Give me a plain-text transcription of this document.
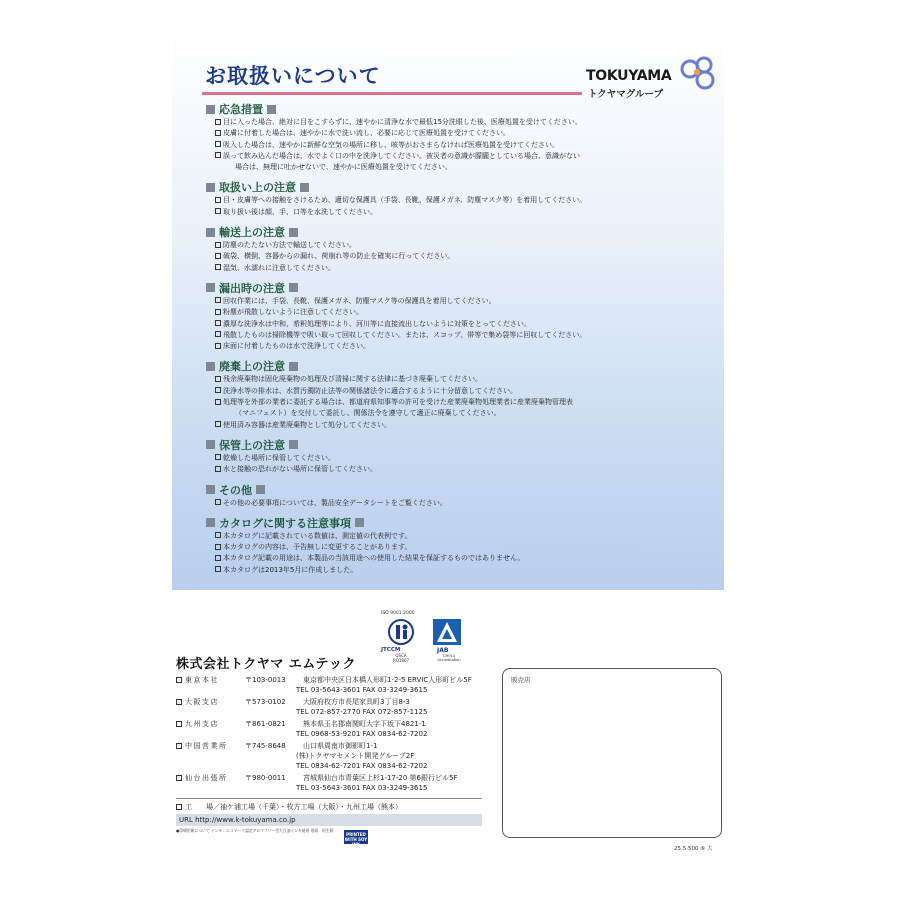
お取扱いについて	TOKUYAMA
トクヤマグループ
応急措置
目に入った場合、絶対に目をこすらずに、速やかに清浄な水で最低15分洗眼した後、医療処置を受けてください。
皮膚に付着した場合は、速やかに水で洗い流し、必要に応じて医療処置を受けてください。
吸入した場合は、速やかに新鮮な空気の場所に移し、咳等がおさまらなければ医療処置を受けてください。
誤って飲み込んだ場合は、水でよく口の中を洗浄してください。被災者の意識が朦朧としている場合、意識がない
場合は、無理に吐かせないで、速やかに医療処置を受けてください。
取扱い上の注意
目・皮膚等への接触をさけるため、適切な保護具（手袋、長靴、保護メガネ、防塵マスク等）を着用してください。
取り扱い後は顔、手、口等を水洗してください。
輸送上の注意
防塵のたたない方法で輸送してください。
破袋、横倒、容器からの漏れ、荷崩れ等の防止を確実に行ってください。
湿気、水濡れに注意してください。
漏出時の注意
回収作業には、手袋、長靴、保護メガネ、防塵マスク等の保護具を着用してください。
粉塵が飛散しないように注意してください。
濃厚な洗浄水は中和、希釈処理等により、河川等に直接流出しないように対策をとってください。
飛散したものは掃除機等で吸い取って回収してください。または、スコップ、帯等で集め袋等に回収してください。
床面に付着したものは水で洗浄してください。
廃棄上の注意
残余廃棄物は固化廃棄物の処理及び清掃に関する法律に基づき廃棄してください。
洗浄水等の排水は、水質汚濁防止法等の関係諸法令に適合するように十分留意してください。
処理等を外部の業者に委託する場合は、都道府県知事等の許可を受けた産業廃棄物処理業者に産業廃棄物管理表
（マニフェスト）を交付して委託し、関係法令を遵守して適正に廃棄してください。
使用済み容器は産業廃棄物として処分してください。
保管上の注意
乾燥した場所に保管してください。
水と接触の恐れがない場所に保管してください。
その他
その他の必要事項については、製品安全データシートをご覧ください。
カタログに関する注意事項
本カタログに記載されている数値は、測定値の代表例です。
本カタログの内容は、予告無しに変更することがあります。
本カタログ記載の用途は、本製品の当該用途への使用した結果を保証するものではありません。
本カタログは2013年5月に作成しました。
ISO 9001:2000
JTCCM
QSCA
RQ1867
JAB
CM014 Accreditation
株式会社トクヤマ エムテック
東京本社	〒103-0013	東京都中央区日本橋人形町1-2-5 ERVIC人形町ビル5F
TEL 03-5643-3601 FAX 03-3249-3615
大阪支店	〒573-0102	大阪府枚方市長尾家具町3丁目8-3
TEL 072-857-2770 FAX 072-857-1125
九州支店	〒861-0821	熊本県玉名郡南関町大字下坂下4821-1
TEL 0968-53-9201 FAX 0834-62-7202
中国営業所	〒745-8648	山口県周南市御影町1-1
(株)トクヤマセメント開発グループ2F
TEL 0834-62-7201 FAX 0834-62-7202
仙台出張所	〒980-0011	宮城県仙台市青葉区上杉1-17-20 第6銀行ビル5F
TEL 03-5643-3601 FAX 03-3249-3615
工　　場 ／袖ケ浦工場（千葉）・枚方工場（大阪）・九州工場（熊本）
URL http://www.k-tokuyama.co.jp
●印刷用紙について インキ：エコマーク認定アロマフリー型大豆油インキ使用 用紙：再生紙
PRINTED WITH SOY INK
販売店
25.5.500 ⑥ 大
